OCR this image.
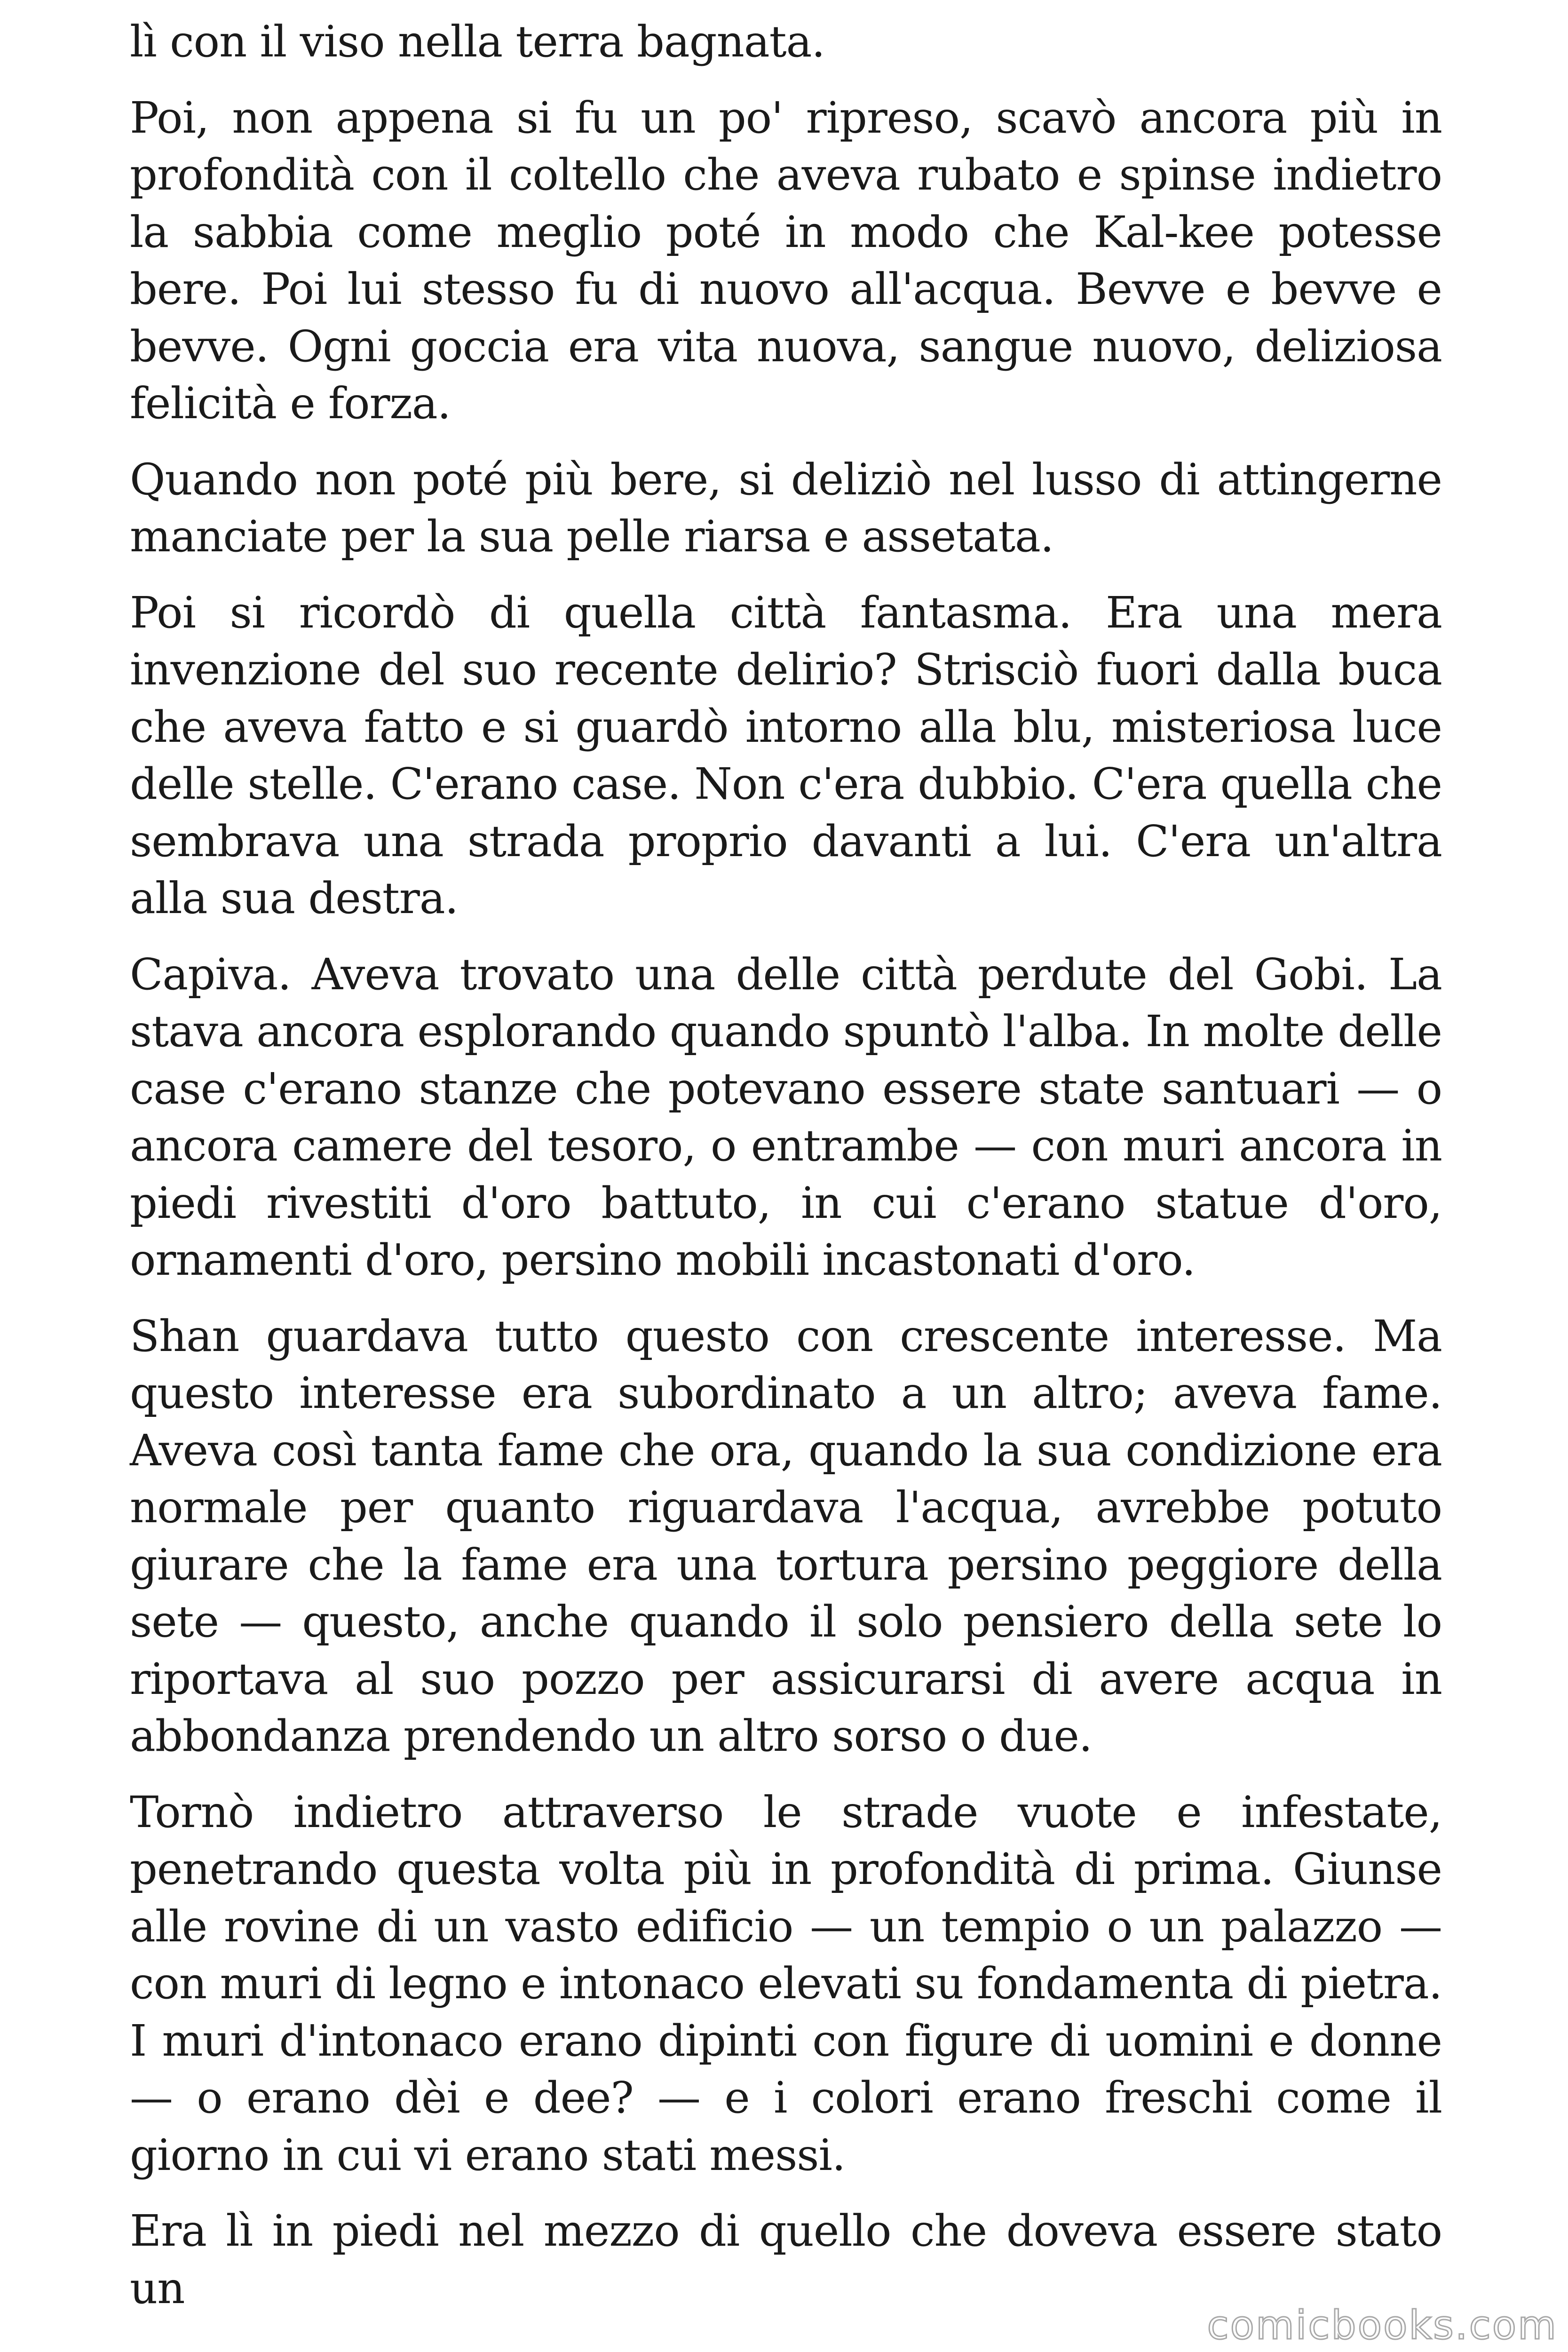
lì con il viso nella terra bagnata.

Poi, non appena si fu un po' ripreso, scavò ancora più in profondità con il coltello che aveva rubato e spinse indietro la sabbia come meglio poté in modo che Kal-kee potesse bere. Poi lui stesso fu di nuovo all'acqua. Bevve e bevve e bevve. Ogni goccia era vita nuova, sangue nuovo, deliziosa felicità e forza.

Quando non poté più bere, si deliziò nel lusso di attingerne manciate per la sua pelle riarsa e assetata.

Poi si ricordò di quella città fantasma. Era una mera invenzione del suo recente delirio? Strisciò fuori dalla buca che aveva fatto e si guardò intorno alla blu, misteriosa luce delle stelle. C'erano case. Non c'era dubbio. C'era quella che sembrava una strada proprio davanti a lui. C'era un'altra alla sua destra.

Capiva. Aveva trovato una delle città perdute del Gobi. La stava ancora esplorando quando spuntò l'alba. In molte delle case c'erano stanze che potevano essere state santuari — o ancora camere del tesoro, o entrambe — con muri ancora in piedi rivestiti d'oro battuto, in cui c'erano statue d'oro, ornamenti d'oro, persino mobili incastonati d'oro.

Shan guardava tutto questo con crescente interesse. Ma questo interesse era subordinato a un altro; aveva fame. Aveva così tanta fame che ora, quando la sua condizione era normale per quanto riguardava l'acqua, avrebbe potuto giurare che la fame era una tortura persino peggiore della sete — questo, anche quando il solo pensiero della sete lo riportava al suo pozzo per assicurarsi di avere acqua in abbondanza prendendo un altro sorso o due.

Tornò indietro attraverso le strade vuote e infestate, penetrando questa volta più in profondità di prima. Giunse alle rovine di un vasto edificio — un tempio o un palazzo — con muri di legno e intonaco elevati su fondamenta di pietra. I muri d'intonaco erano dipinti con figure di uomini e donne — o erano dèi e dee? — e i colori erano freschi come il giorno in cui vi erano stati messi.

Era lì in piedi nel mezzo di quello che doveva essere stato un

comicbooks.com
